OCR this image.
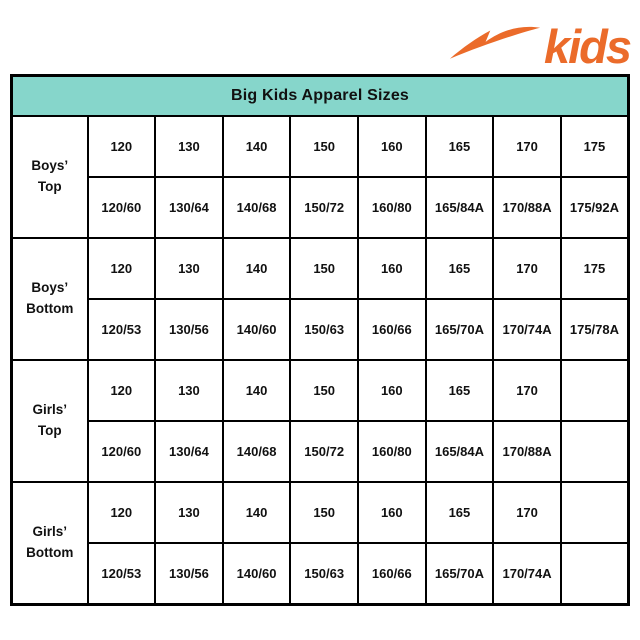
kids
Big Kids Apparel Sizes								
Boys’
Top	120	130	140	150	160	165	170	175
	120/60	130/64	140/68	150/72	160/80	165/84A	170/88A	175/92A
Boys’
Bottom	120	130	140	150	160	165	170	175
	120/53	130/56	140/60	150/63	160/66	165/70A	170/74A	175/78A
Girls’
Top	120	130	140	150	160	165	170	
	120/60	130/64	140/68	150/72	160/80	165/84A	170/88A	
Girls’
Bottom	120	130	140	150	160	165	170	
	120/53	130/56	140/60	150/63	160/66	165/70A	170/74A	
